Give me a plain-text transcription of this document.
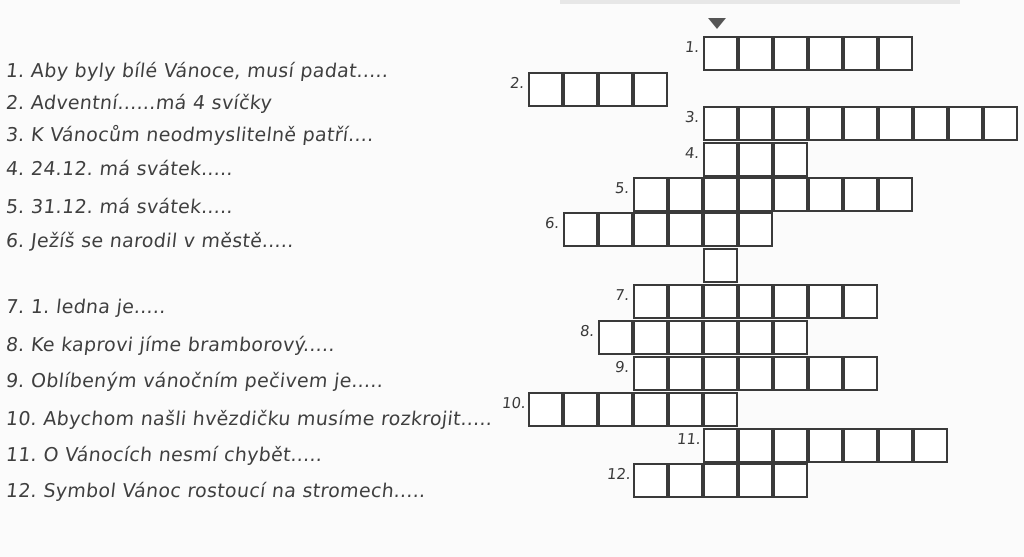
1. Aby byly bílé Vánoce, musí padat.....
2. Adventní......má 4 svíčky
3. K Vánocům neodmyslitelně patří....
4. 24.12. má svátek.....
5. 31.12. má svátek.....
6. Ježíš se narodil v městě.....
7. 1. ledna je.....
8. Ke kaprovi jíme bramborový.....
9. Oblíbeným vánočním pečivem je.....
10. Abychom našli hvězdičku musíme rozkrojit.....
11. O Vánocích nesmí chybět.....
12. Symbol Vánoc rostoucí na stromech.....
1.
2.
3.
4.
5.
6.
7.
8.
9.
10.
11.
12.
